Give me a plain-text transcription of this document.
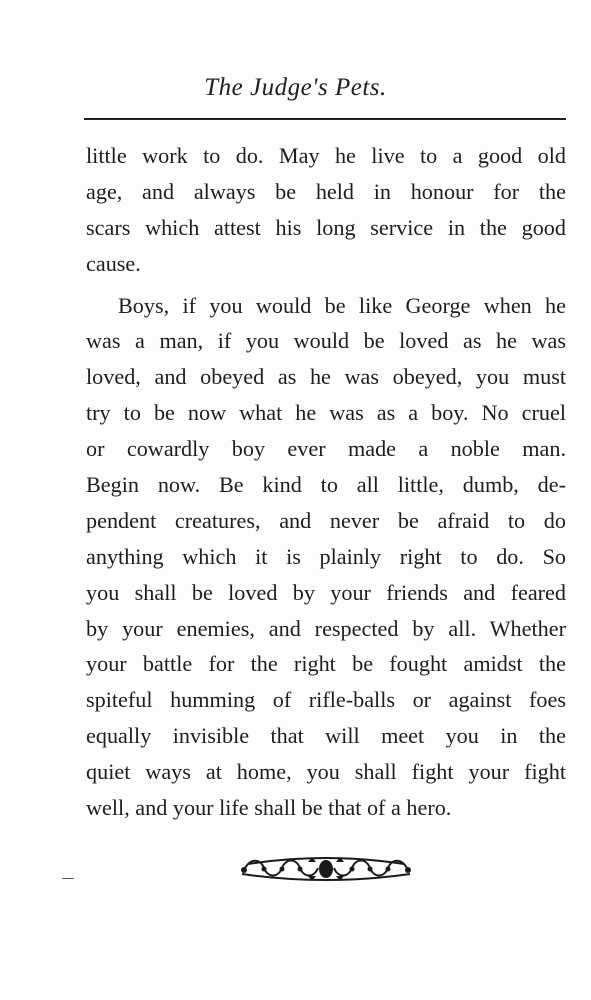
The Judge's Pets.
little work to do. May he live to a good old
age, and always be held in honour for the
scars which attest his long service in the good
cause.
Boys, if you would be like George when he
was a man, if you would be loved as he was
loved, and obeyed as he was obeyed, you must
try to be now what he was as a boy. No cruel
or cowardly boy ever made a noble man.
Begin now. Be kind to all little, dumb, de-
pendent creatures, and never be afraid to do
anything which it is plainly right to do. So
you shall be loved by your friends and feared
by your enemies, and respected by all. Whether
your battle for the right be fought amidst the
spiteful humming of rifle-balls or against foes
equally invisible that will meet you in the
quiet ways at home, you shall fight your fight
well, and your life shall be that of a hero.
